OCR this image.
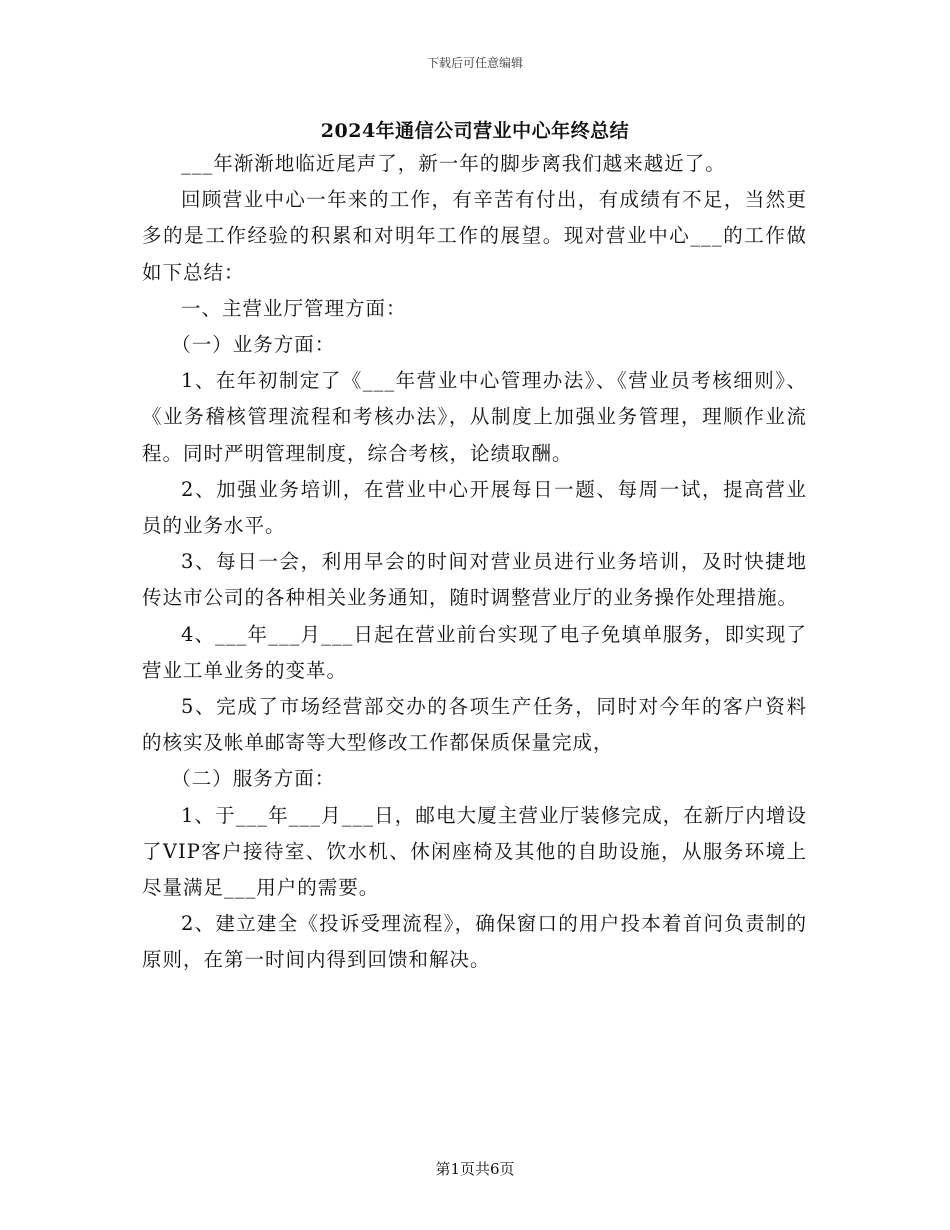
下载后可任意编辑
2024年通信公司营业中心年终总结

___年渐渐地临近尾声了，新一年的脚步离我们越来越近了。

回顾营业中心一年来的工作，有辛苦有付出，有成绩有不足，当然更多的是工作经验的积累和对明年工作的展望。现对营业中心___的工作做如下总结：

一、主营业厅管理方面：

（一）业务方面：

1、在年初制定了《___年营业中心管理办法》、《营业员考核细则》、《业务稽核管理流程和考核办法》，从制度上加强业务管理，理顺作业流程。同时严明管理制度，综合考核，论绩取酬。

2、加强业务培训，在营业中心开展每日一题、每周一试，提高营业员的业务水平。

3、每日一会，利用早会的时间对营业员进行业务培训，及时快捷地传达市公司的各种相关业务通知，随时调整营业厅的业务操作处理措施。

4、___年___月___日起在营业前台实现了电子免填单服务，即实现了营业工单业务的变革。

5、完成了市场经营部交办的各项生产任务，同时对今年的客户资料的核实及帐单邮寄等大型修改工作都保质保量完成，

（二）服务方面：

1、于___年___月___日，邮电大厦主营业厅装修完成，在新厅内增设了VIP客户接待室、饮水机、休闲座椅及其他的自助设施，从服务环境上尽量满足___用户的需要。

2、建立建全《投诉受理流程》，确保窗口的用户投本着首问负责制的原则，在第一时间内得到回馈和解决。

第1页共6页
